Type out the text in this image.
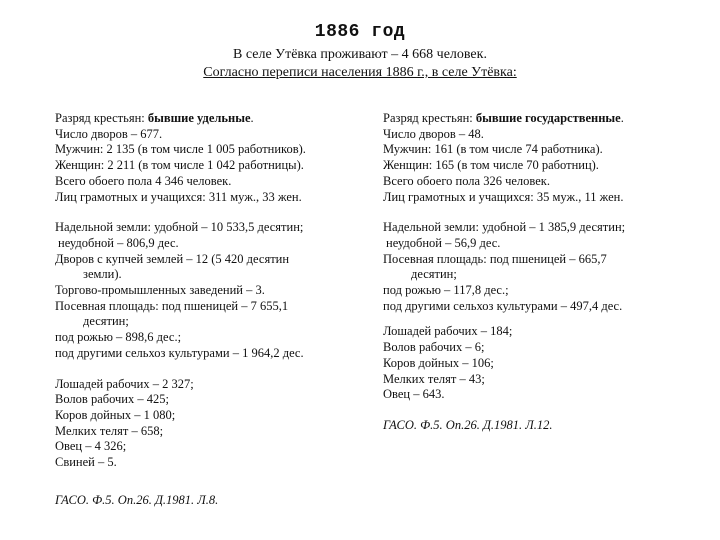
1886 год
В селе Утёвка проживают – 4 668 человек.
Согласно переписи населения 1886 г., в селе Утёвка:
Разряд крестьян: бывшие удельные.
Число дворов – 677.
Мужчин: 2 135 (в том числе 1 005 работников).
Женщин: 2 211 (в том числе 1 042 работницы).
Всего обоего пола 4 346 человек.
Лиц грамотных и учащихся: 311 муж., 33 жен.
Надельной земли: удобной – 10 533,5 десятин;
неудобной – 806,9 дес.
Дворов с купчей землей – 12 (5 420 десятин
земли).
Торгово-промышленных заведений – 3.
Посевная площадь: под пшеницей – 7 655,1
десятин;
под рожью – 898,6 дес.;
под другими сельхоз культурами – 1 964,2 дес.
Лошадей рабочих – 2 327;
Волов рабочих – 425;
Коров дойных – 1 080;
Мелких телят – 658;
Овец – 4 326;
Свиней – 5.
ГАСО. Ф.5. Оп.26. Д.1981. Л.8.
Разряд крестьян: бывшие государственные.
Число дворов – 48.
Мужчин: 161 (в том числе 74 работника).
Женщин: 165 (в том числе 70 работниц).
Всего обоего пола 326 человек.
Лиц грамотных и учащихся: 35 муж., 11 жен.
Надельной земли: удобной – 1 385,9 десятин;
неудобной – 56,9 дес.
Посевная площадь: под пшеницей – 665,7
десятин;
под рожью – 117,8 дес.;
под другими сельхоз культурами – 497,4 дес.
Лошадей рабочих – 184;
Волов рабочих – 6;
Коров дойных – 106;
Мелких телят – 43;
Овец – 643.
ГАСО. Ф.5. Оп.26. Д.1981. Л.12.
